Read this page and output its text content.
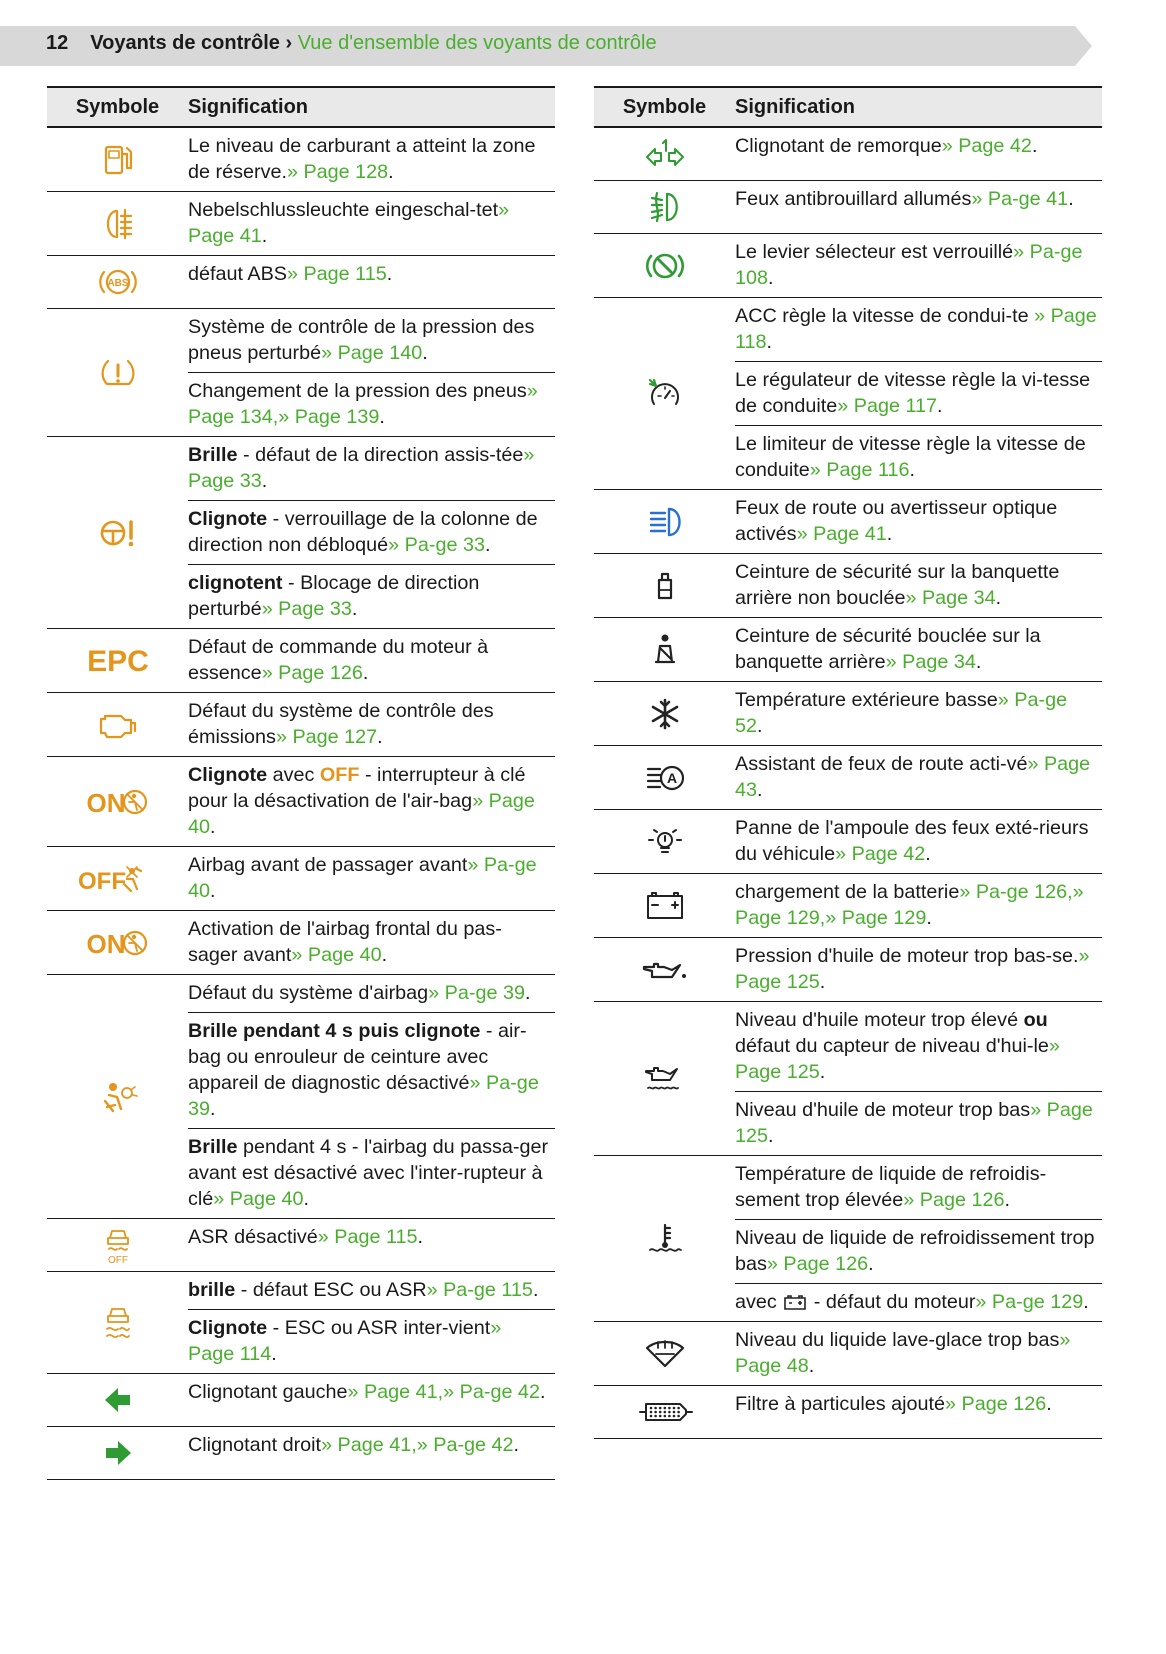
12 Voyants de contrôle › Vue d'ensemble des voyants de contrôle
Symbole	Signification
	Le niveau de carburant a atteint la zone de réserve.» Page 128.
	Nebelschlussleuchte eingeschal-tet» Page 41.

ABS	défaut ABS» Page 115.
	Système de contrôle de la pression des pneus perturbé» Page 140.
	Changement de la pression des pneus» Page 134,» Page 139.
	Brille - défaut de la direction assis-tée» Page 33.
	Clignote - verrouillage de la colonne de direction non débloqué» Pa-ge 33.
	clignotent - Blocage de direction perturbé» Page 33.

EPC	Défaut de commande du moteur à essence» Page 126.
	Défaut du système de contrôle des émissions» Page 127.

ON	Clignote avec OFF - interrupteur à clé pour la désactivation de l'air-bag» Page 40.

OFF	Airbag avant de passager avant» Pa-ge 40.

ON	Activation de l'airbag frontal du pas-sager avant» Page 40.
	Défaut du système d'airbag» Pa-ge 39.
	Brille pendant 4 s puis clignote - air-bag ou enrouleur de ceinture avec appareil de diagnostic désactivé» Pa-ge 39.
	Brille pendant 4 s - l'airbag du passa-ger avant est désactivé avec l'inter-rupteur à clé» Page 40.

OFF	ASR désactivé» Page 115.
	brille - défaut ESC ou ASR» Pa-ge 115.
	Clignote - ESC ou ASR inter-vient» Page 114.
	Clignotant gauche» Page 41,» Pa-ge 42.
	Clignotant droit» Page 41,» Pa-ge 42.
Symbole	Signification
	Clignotant de remorque» Page 42.
	Feux antibrouillard allumés» Pa-ge 41.
	Le levier sélecteur est verrouillé» Pa-ge 108.
	ACC règle la vitesse de condui-te » Page 118.
	Le régulateur de vitesse règle la vi-tesse de conduite» Page 117.
	Le limiteur de vitesse règle la vitesse de conduite» Page 116.
	Feux de route ou avertisseur optique activés» Page 41.
	Ceinture de sécurité sur la banquette arrière non bouclée» Page 34.
	Ceinture de sécurité bouclée sur la banquette arrière» Page 34.
	Température extérieure basse» Pa-ge 52.

A	Assistant de feux de route acti-vé» Page 43.
	Panne de l'ampoule des feux exté-rieurs du véhicule» Page 42.
	chargement de la batterie» Pa-ge 126,» Page 129,» Page 129.
	Pression d'huile de moteur trop bas-se.» Page 125.
	Niveau d'huile moteur trop élevé ou défaut du capteur de niveau d'hui-le» Page 125.
	Niveau d'huile de moteur trop bas» Page 125.
	Température de liquide de refroidis-sement trop élevée» Page 126.
	Niveau de liquide de refroidissement trop bas» Page 126.
	avec  - défaut du moteur» Pa-ge 129.
	Niveau du liquide lave-glace trop bas» Page 48.
	Filtre à particules ajouté» Page 126.
